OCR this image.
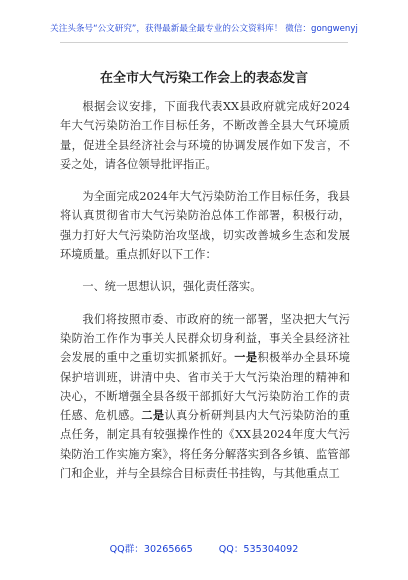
关注头条号“公文研究”，获得最新最全最专业的公文资料库！ 微信：gongwenyj
在全市大气污染工作会上的表态发言

根据会议安排，下面我代表XX县政府就完成好2024年大气污染防治工作目标任务，不断改善全县大气环境质量，促进全县经济社会与环境的协调发展作如下发言，不妥之处，请各位领导批评指正。

为全面完成2024年大气污染防治工作目标任务，我县将认真贯彻省市大气污染防治总体工作部署，积极行动，强力打好大气污染防治攻坚战，切实改善城乡生态和发展环境质量。重点抓好以下工作：

一、统一思想认识，强化责任落实。

我们将按照市委、市政府的统一部署，坚决把大气污染防治工作作为事关人民群众切身利益，事关全县经济社会发展的重中之重切实抓紧抓好。一是积极举办全县环境保护培训班，讲清中央、省市关于大气污染治理的精神和决心，不断增强全县各级干部抓好大气污染防治工作的责任感、危机感。二是认真分析研判县内大气污染防治的重点任务，制定具有较强操作性的《XX县2024年度大气污染防治工作实施方案》，将任务分解落实到各乡镇、监管部门和企业，并与全县综合目标责任书挂钩，与其他重点工

QQ群：30265665	QQ：535304092
